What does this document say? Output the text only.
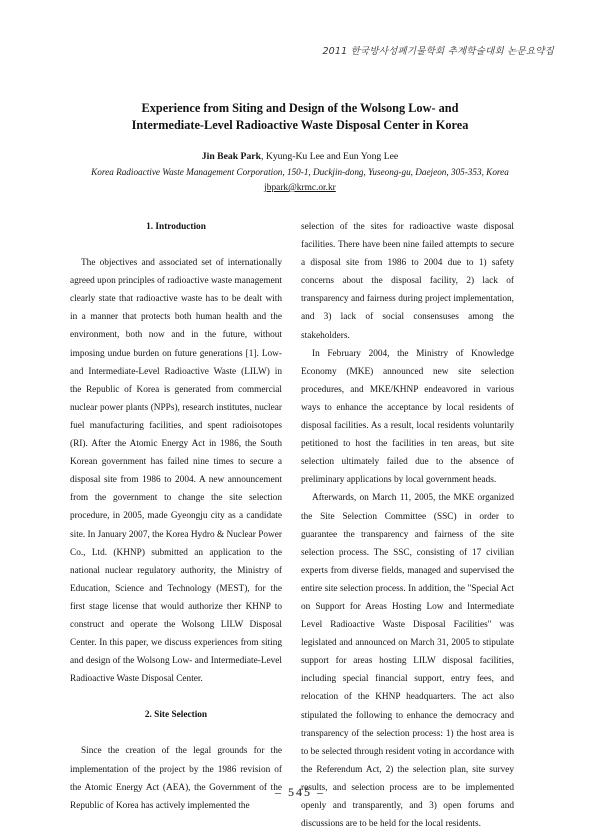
2011 한국방사성폐기물학회 추계학술대회 논문요약집
Experience from Siting and Design of the Wolsong Low- and
Intermediate-Level Radioactive Waste Disposal Center in Korea
Jin Beak Park, Kyung-Ku Lee and Eun Yong Lee
Korea Radioactive Waste Management Corporation, 150-1, Duckjin-dong, Yuseong-gu, Daejeon, 305-353, Korea
jbpark@krmc.or.kr
1. Introduction

The objectives and associated set of internationally agreed upon principles of radioactive waste management clearly state that radioactive waste has to be dealt with in a manner that protects both human health and the environment, both now and in the future, without imposing undue burden on future generations [1]. Low- and Intermediate-Level Radioactive Waste (LILW) in the Republic of Korea is generated from commercial nuclear power plants (NPPs), research institutes, nuclear fuel manufacturing facilities, and spent radioisotopes (RI). After the Atomic Energy Act in 1986, the South Korean government has failed nine times to secure a disposal site from 1986 to 2004. A new announcement from the government to change the site selection procedure, in 2005, made Gyeongju city as a candidate site. In January 2007, the Korea Hydro & Nuclear Power Co., Ltd. (KHNP) submitted an application to the national nuclear regulatory authority, the Ministry of Education, Science and Technology (MEST), for the first stage license that would authorize ther KHNP to construct and operate the Wolsong LILW Disposal Center. In this paper, we discuss experiences from siting and design of the Wolsong Low- and Intermediate-Level Radioactive Waste Disposal Center.

2. Site Selection

Since the creation of the legal grounds for the implementation of the project by the 1986 revision of the Atomic Energy Act (AEA), the Government of the Republic of Korea has actively implemented the

selection of the sites for radioactive waste disposal facilities. There have been nine failed attempts to secure a disposal site from 1986 to 2004 due to 1) safety concerns about the disposal facility, 2) lack of transparency and fairness during project implementation, and 3) lack of social consensuses among the stakeholders.

In February 2004, the Ministry of Knowledge Economy (MKE) announced new site selection procedures, and MKE/KHNP endeavored in various ways to enhance the acceptance by local residents of disposal facilities. As a result, local residents voluntarily petitioned to host the facilities in ten areas, but site selection ultimately failed due to the absence of preliminary applications by local government heads.

Afterwards, on March 11, 2005, the MKE organized the Site Selection Committee (SSC) in order to guarantee the transparency and fairness of the site selection process. The SSC, consisting of 17 civilian experts from diverse fields, managed and supervised the entire site selection process. In addition, the "Special Act on Support for Areas Hosting Low and Intermediate Level Radioactive Waste Disposal Facilities" was legislated and announced on March 31, 2005 to stipulate support for areas hosting LILW disposal facilities, including special financial support, entry fees, and relocation of the KHNP headquarters. The act also stipulated the following to enhance the democracy and transparency of the selection process: 1) the host area is to be selected through resident voting in accordance with the Referendum Act, 2) the selection plan, site survey results, and selection process are to be implemented openly and transparently, and 3) open forums and discussions are to be held for the local residents.

– 545 –
